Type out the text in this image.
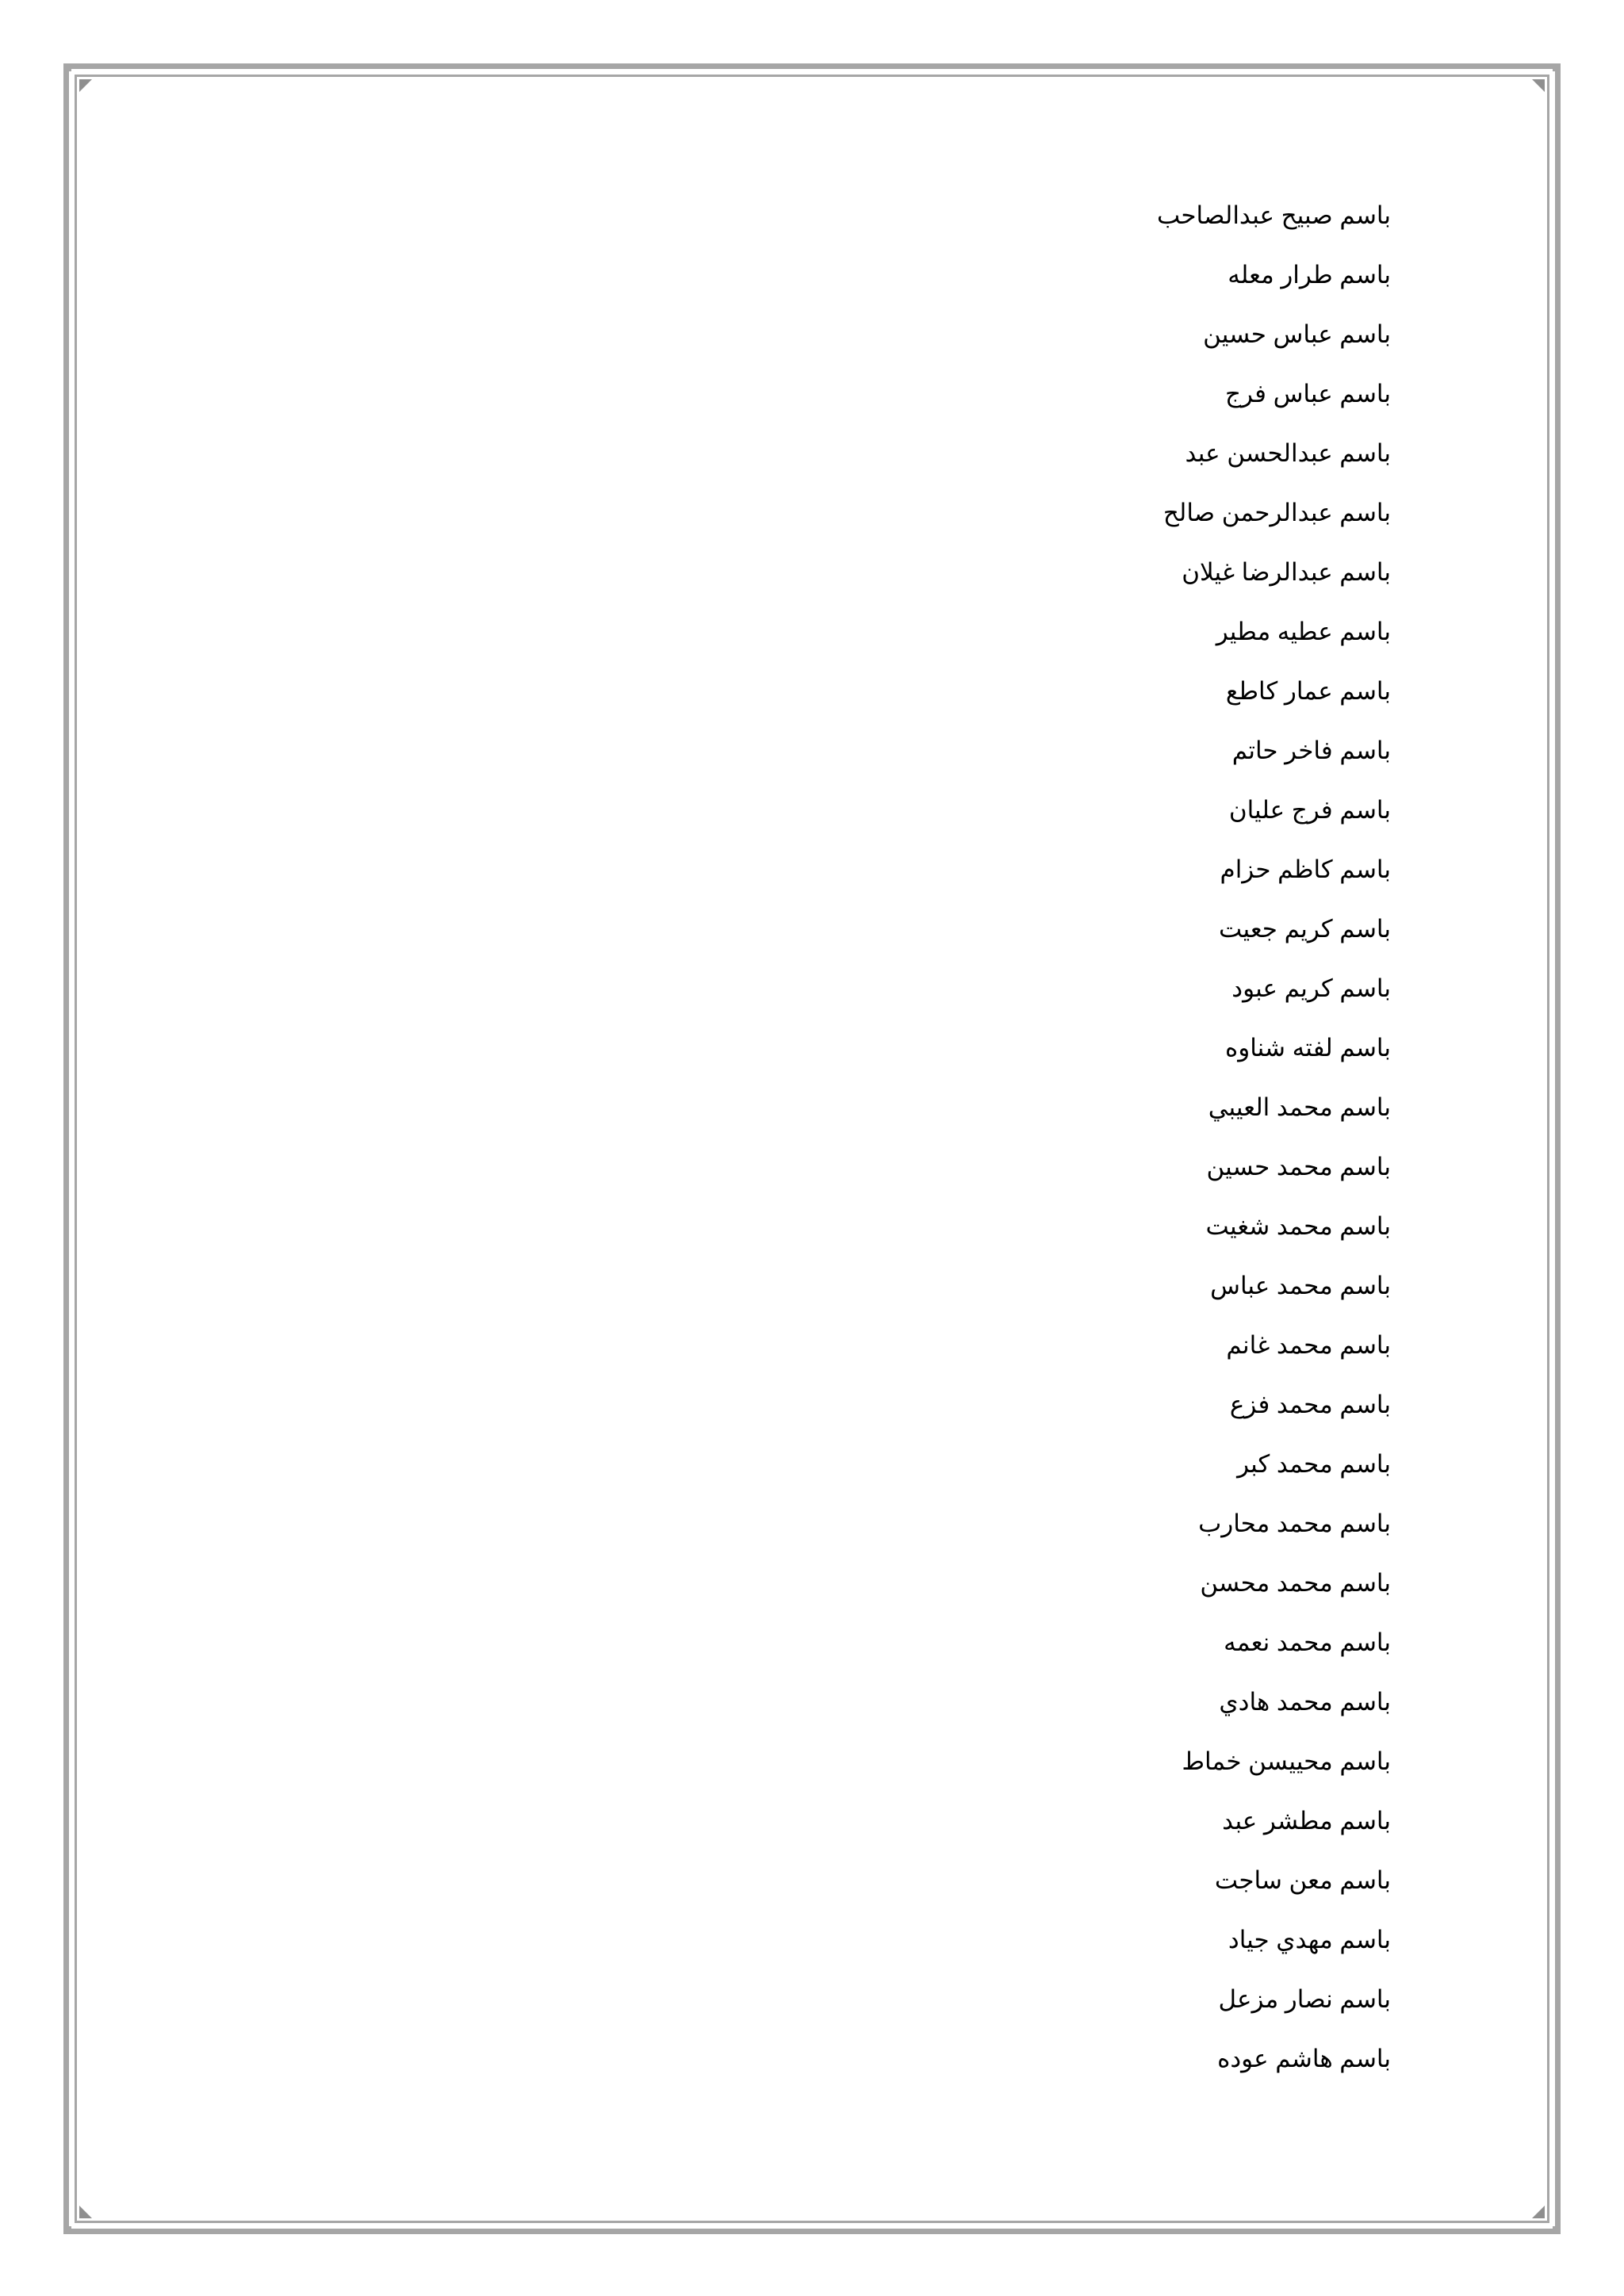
باسم صبيح عبدالصاحب
باسم طرار معله
باسم عباس حسين
باسم عباس فرج
باسم عبدالحسن عبد
باسم عبدالرحمن صالح
باسم عبدالرضا غيلان
باسم عطيه مطير
باسم عمار كاطع
باسم فاخر حاتم
باسم فرج عليان
باسم كاظم حزام
باسم كريم جعيت
باسم كريم عبود
باسم لفته شناوه
باسم محمد العيبي
باسم محمد حسين
باسم محمد شغيت
باسم محمد عباس
باسم محمد غانم
باسم محمد فزع
باسم محمد كبر
باسم محمد محارب
باسم محمد محسن
باسم محمد نعمه
باسم محمد هادي
باسم محييسن خماط
باسم مطشر عبد
باسم معن ساجت
باسم مهدي جياد
باسم نصار مزعل
باسم هاشم عوده
